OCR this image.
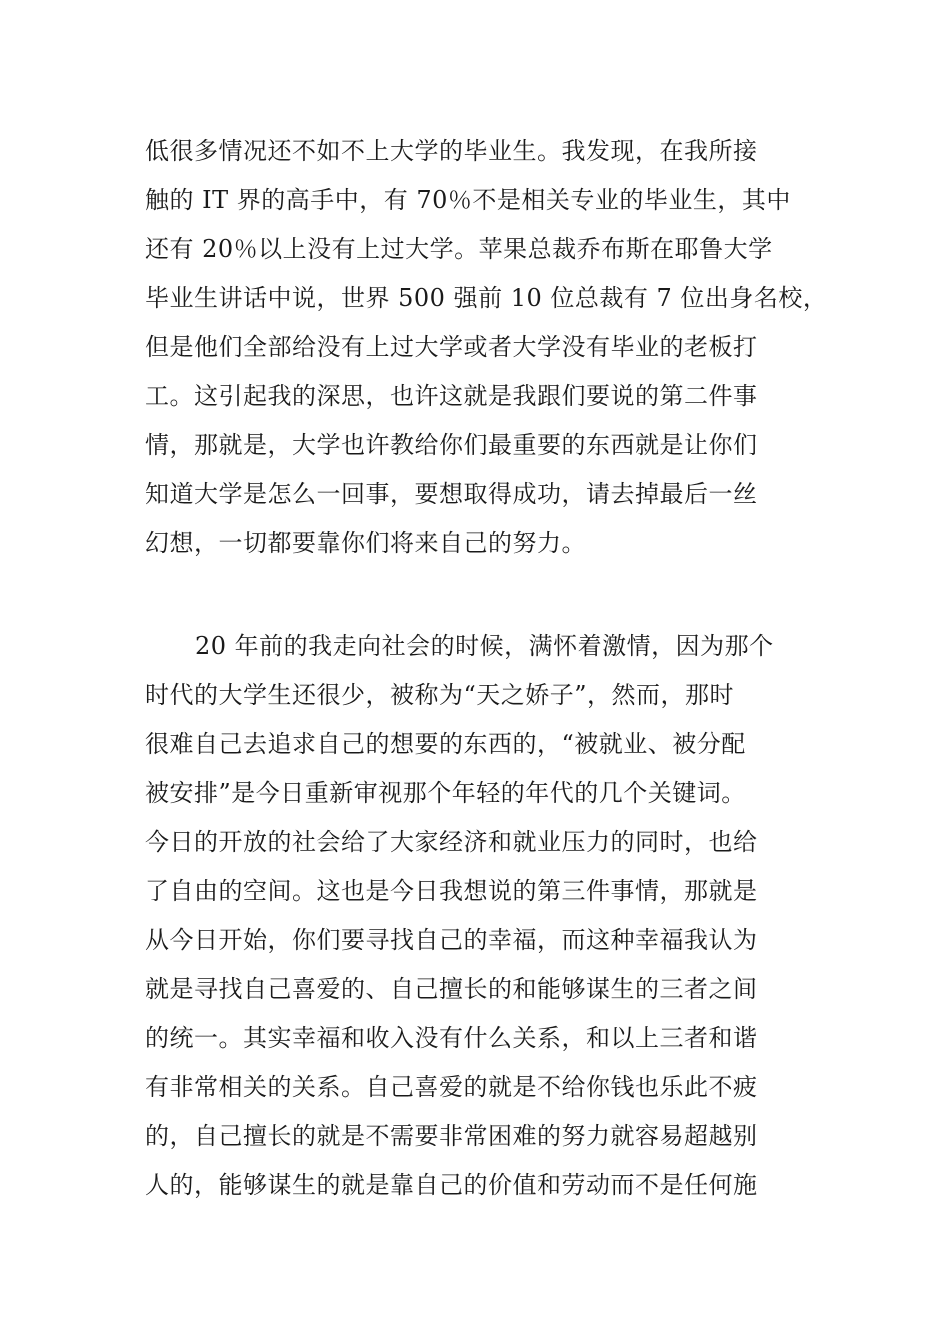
低很多情况还不如不上大学的毕业生。我发现，在我所接
触的 IT 界的高手中，有 70％不是相关专业的毕业生，其中
还有 20％以上没有上过大学。苹果总裁乔布斯在耶鲁大学
毕业生讲话中说，世界 500 强前 10 位总裁有 7 位出身名校，
但是他们全部给没有上过大学或者大学没有毕业的老板打
工。这引起我的深思，也许这就是我跟们要说的第二件事
情，那就是，大学也许教给你们最重要的东西就是让你们
知道大学是怎么一回事，要想取得成功，请去掉最后一丝
幻想，一切都要靠你们将来自己的努力。
20 年前的我走向社会的时候，满怀着激情，因为那个
时代的大学生还很少，被称为“天之娇子”，然而，那时
很难自己去追求自己的想要的东西的，“被就业、被分配
被安排”是今日重新审视那个年轻的年代的几个关键词。
今日的开放的社会给了大家经济和就业压力的同时，也给
了自由的空间。这也是今日我想说的第三件事情，那就是
从今日开始，你们要寻找自己的幸福，而这种幸福我认为
就是寻找自己喜爱的、自己擅长的和能够谋生的三者之间
的统一。其实幸福和收入没有什么关系，和以上三者和谐
有非常相关的关系。自己喜爱的就是不给你钱也乐此不疲
的，自己擅长的就是不需要非常困难的努力就容易超越别
人的，能够谋生的就是靠自己的价值和劳动而不是任何施
